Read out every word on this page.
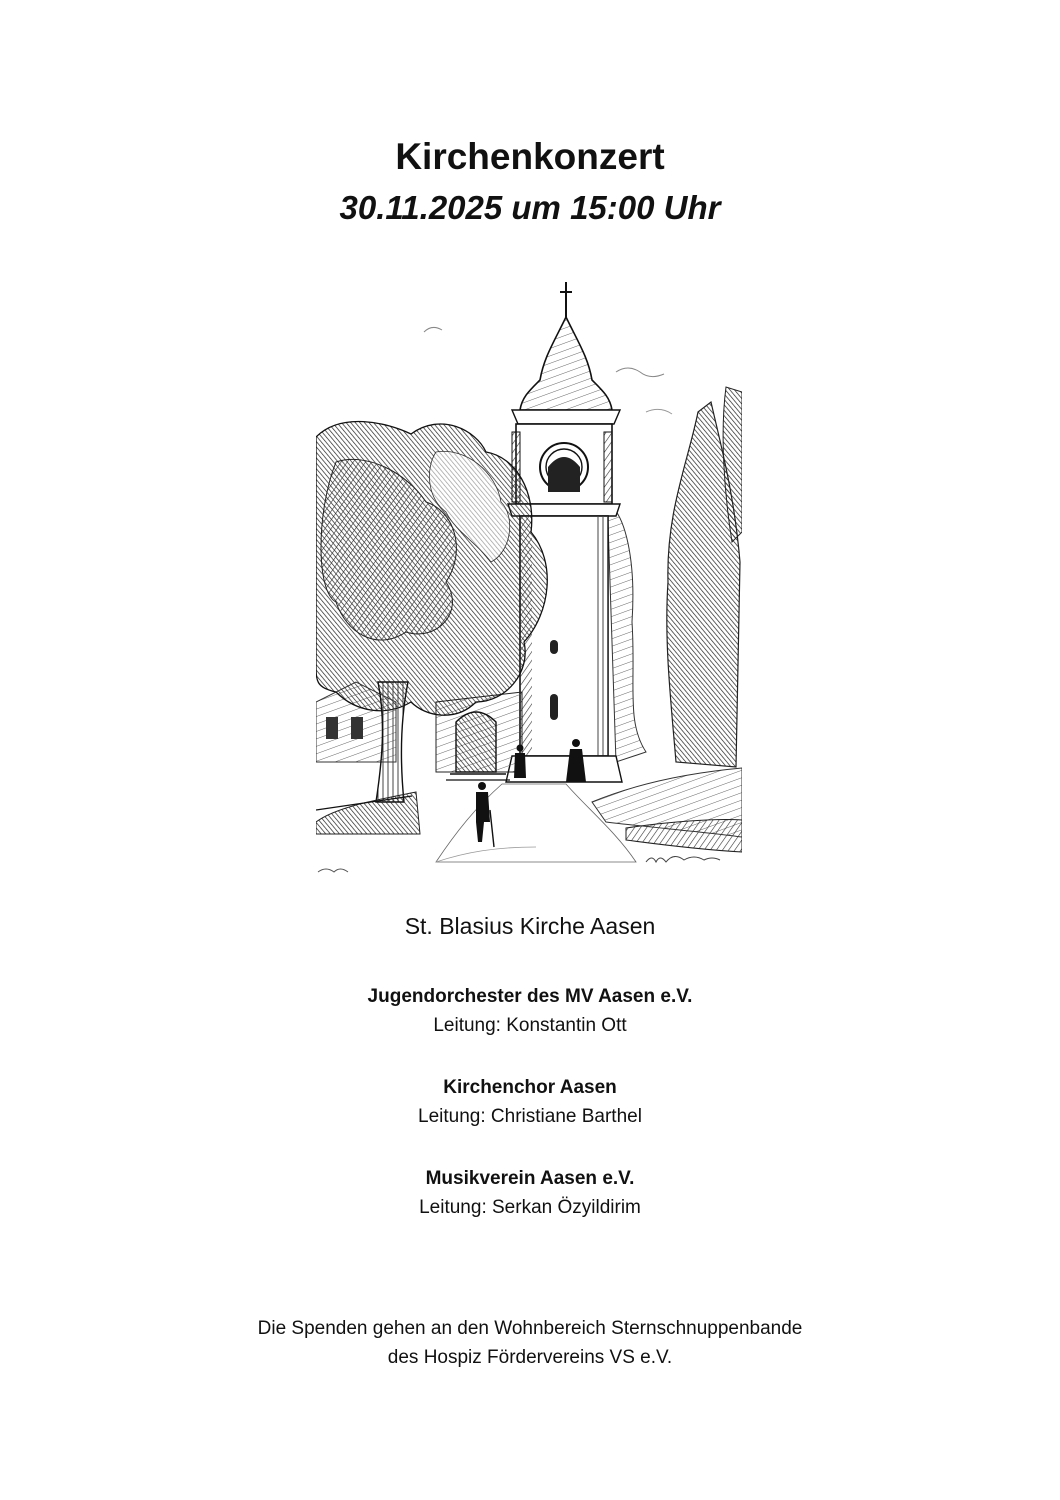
Kirchenkonzert
30.11.2025 um 15:00 Uhr
St. Blasius Kirche Aasen
Jugendorchester des MV Aasen e.V.
Leitung: Konstantin Ott
Kirchenchor Aasen
Leitung: Christiane Barthel
Musikverein Aasen e.V.
Leitung: Serkan Özyildirim
Die Spenden gehen an den Wohnbereich Sternschnuppenbande
des Hospiz Fördervereins VS e.V.
